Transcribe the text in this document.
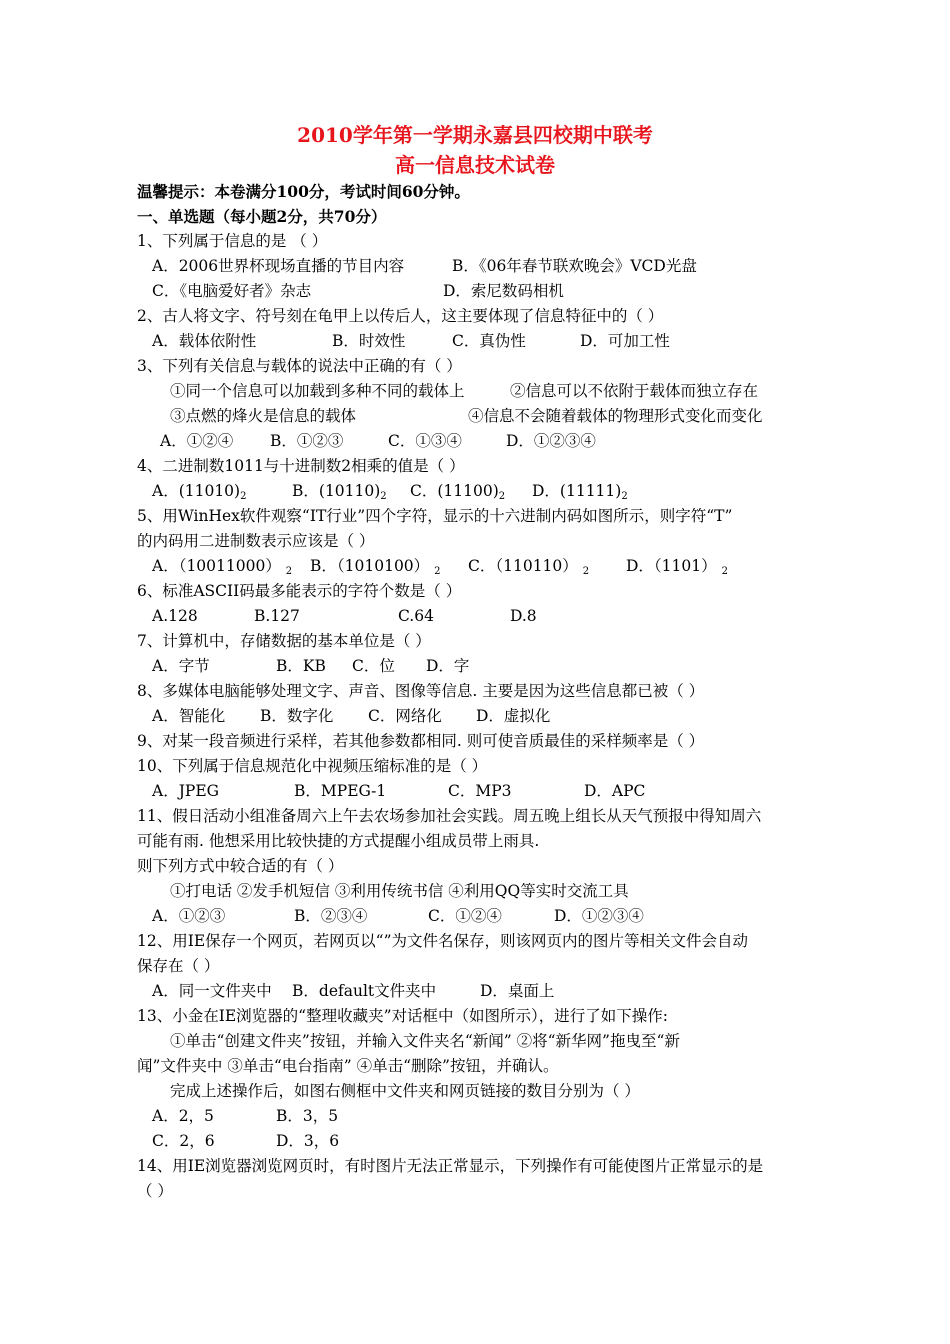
2010学年第一学期永嘉县四校期中联考
高一信息技术试卷
温馨提示：本卷满分100分，考试时间60分钟。
一、单选题（每小题2分，共70分）
1、下列属于信息的是 （ ）
A．2006世界杯现场直播的节目内容	B．《06年春节联欢晚会》VCD光盘
C．《电脑爱好者》杂志	D．索尼数码相机
2、古人将文字、符号刻在龟甲上以传后人，这主要体现了信息特征中的（ ）
A．载体依附性	B．时效性	C．真伪性	D．可加工性
3、下列有关信息与载体的说法中正确的有（ ）
①同一个信息可以加载到多种不同的载体上	②信息可以不依附于载体而独立存在
③点燃的烽火是信息的载体	④信息不会随着载体的物理形式变化而变化
A．①②④ B．①②③	C．①③④	D．①②③④
4、二进制数1011与十进制数2相乘的值是（ ）
A．$(11010)_2$	B．$(10110)_2$ C．$(11100)_2$ D．$(11111)_2$
5、用WinHex软件观察“IT行业”四个字符，显示的十六进制内码如图所示，则字符“T”
的内码用二进制数表示应该是（ ）
A．（10011000） $_2$ B．（1010100） $_2$ C．（110110） $_2$ D．（1101） $_2$
6、标准ASCII码最多能表示的字符个数是（ ）
A.128	B.127	C.64	D.8
7、计算机中，存储数据的基本单位是（ ）
A．字节	B．KB C．位 D．字
8、多媒体电脑能够处理文字、声音、图像等信息. 主要是因为这些信息都已被（ ）
A．智能化 B．数字化 C．网络化 D．虚拟化
9、对某一段音频进行采样，若其他参数都相同. 则可使音质最佳的采样频率是（ ）
10、下列属于信息规范化中视频压缩标准的是（ ）
A．JPEG	B．MPEG-1	C．MP3	D．APC
11、假日活动小组准备周六上午去农场参加社会实践。周五晚上组长从天气预报中得知周六
可能有雨. 他想采用比较快捷的方式提醒小组成员带上雨具.
则下列方式中较合适的有（ ）
①打电话 ②发手机短信 ③利用传统书信 ④利用QQ等实时交流工具
A．①②③	B．②③④	C．①②④	D．①②③④
12、用IE保存一个网页，若网页以“”为文件名保存，则该网页内的图片等相关文件会自动
保存在（ ）
A．同一文件夹中 B．default文件夹中	D．桌面上
13、小金在IE浏览器的“整理收藏夹”对话框中（如图所示），进行了如下操作:
①单击“创建文件夹”按钮，并输入文件夹名“新闻” ②将“新华网”拖曳至“新
闻”文件夹中 ③单击“电台指南” ④单击“删除”按钮，并确认。
完成上述操作后，如图右侧框中文件夹和网页链接的数目分别为（ ）
A．2，5	B．3，5
C．2，6	D．3，6
14、用IE浏览器浏览网页时，有时图片无法正常显示，下列操作有可能使图片正常显示的是
（ ）
